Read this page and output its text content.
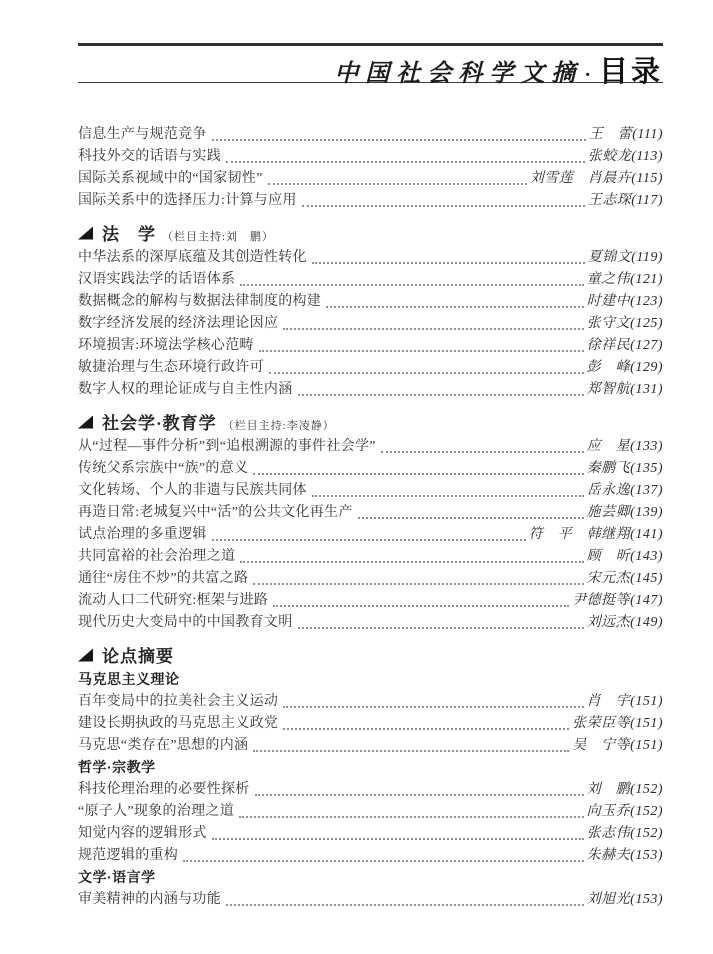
中国社会科学文摘 · 目录
信息生产与规范竞争	王　蕾(111)
科技外交的话语与实践	张蛟龙(113)
国际关系视域中的“国家韧性”	刘雪莲　肖晨卉(115)
国际关系中的选择压力:计算与应用	王志琛(117)
法　学 （栏目主持:刘　鹏）
中华法系的深厚底蕴及其创造性转化	夏锦文(119)
汉语实践法学的话语体系	童之伟(121)
数据概念的解构与数据法律制度的构建	时建中(123)
数字经济发展的经济法理论因应	张守文(125)
环境损害:环境法学核心范畴	徐祥民(127)
敏捷治理与生态环境行政许可	彭　峰(129)
数字人权的理论证成与自主性内涵	郑智航(131)
社会学·教育学 （栏目主持:李凌静）
从“过程—事件分析”到“追根溯源的事件社会学”	应　星(133)
传统父系宗族中“族”的意义	秦鹏飞(135)
文化转场、个人的非遗与民族共同体	岳永逸(137)
再造日常:老城复兴中“活”的公共文化再生产	施芸卿(139)
试点治理的多重逻辑	符　平　韩继翔(141)
共同富裕的社会治理之道	顾　昕(143)
通往“房住不炒”的共富之路	宋元杰(145)
流动人口二代研究:框架与进路	尹德挺等(147)
现代历史大变局中的中国教育文明	刘远杰(149)
论点摘要
马克思主义理论
百年变局中的拉美社会主义运动	肖　宇(151)
建设长期执政的马克思主义政党	张荣臣等(151)
马克思“类存在”思想的内涵	吴　宁等(151)
哲学·宗教学
科技伦理治理的必要性探析	刘　鹏(152)
“原子人”现象的治理之道	向玉乔(152)
知觉内容的逻辑形式	张志伟(152)
规范逻辑的重构	朱赫夫(153)
文学·语言学
审美精神的内涵与功能	刘旭光(153)
